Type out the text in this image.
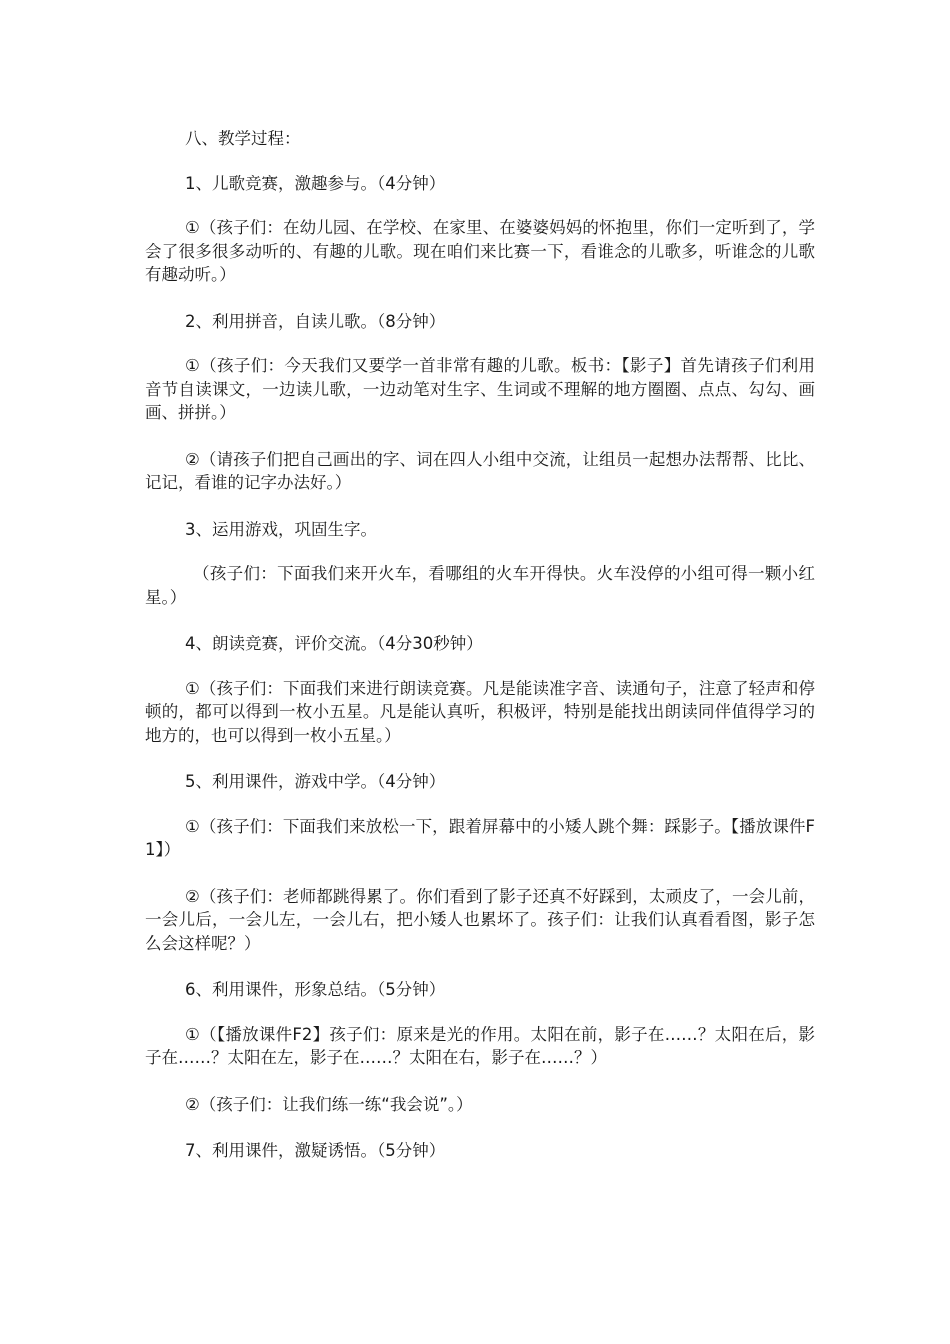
八、教学过程：

1、儿歌竞赛，激趣参与。（4分钟）

①（孩子们：在幼儿园、在学校、在家里、在婆婆妈妈的怀抱里，你们一定听到了，学会了很多很多动听的、有趣的儿歌。现在咱们来比赛一下，看谁念的儿歌多，听谁念的儿歌有趣动听。）

2、利用拼音，自读儿歌。（8分钟）

①（孩子们：今天我们又要学一首非常有趣的儿歌。板书：【影子】首先请孩子们利用音节自读课文，一边读儿歌，一边动笔对生字、生词或不理解的地方圈圈、点点、勾勾、画画、拼拼。）

②（请孩子们把自己画出的字、词在四人小组中交流，让组员一起想办法帮帮、比比、记记，看谁的记字办法好。）

3、运用游戏，巩固生字。

（孩子们：下面我们来开火车，看哪组的火车开得快。火车没停的小组可得一颗小红星。）

4、朗读竞赛，评价交流。（4分30秒钟）

①（孩子们：下面我们来进行朗读竞赛。凡是能读准字音、读通句子，注意了轻声和停顿的，都可以得到一枚小五星。凡是能认真听，积极评，特别是能找出朗读同伴值得学习的地方的，也可以得到一枚小五星。）

5、利用课件，游戏中学。（4分钟）

①（孩子们：下面我们来放松一下，跟着屏幕中的小矮人跳个舞：踩影子。【播放课件F1】）

②（孩子们：老师都跳得累了。你们看到了影子还真不好踩到，太顽皮了，一会儿前，一会儿后，一会儿左，一会儿右，把小矮人也累坏了。孩子们：让我们认真看看图，影子怎么会这样呢？）

6、利用课件，形象总结。（5分钟）

①（【播放课件F2】孩子们：原来是光的作用。太阳在前，影子在……？太阳在后，影子在……？太阳在左，影子在……？太阳在右，影子在……？）

②（孩子们：让我们练一练“我会说”。）

7、利用课件，激疑诱悟。（5分钟）
